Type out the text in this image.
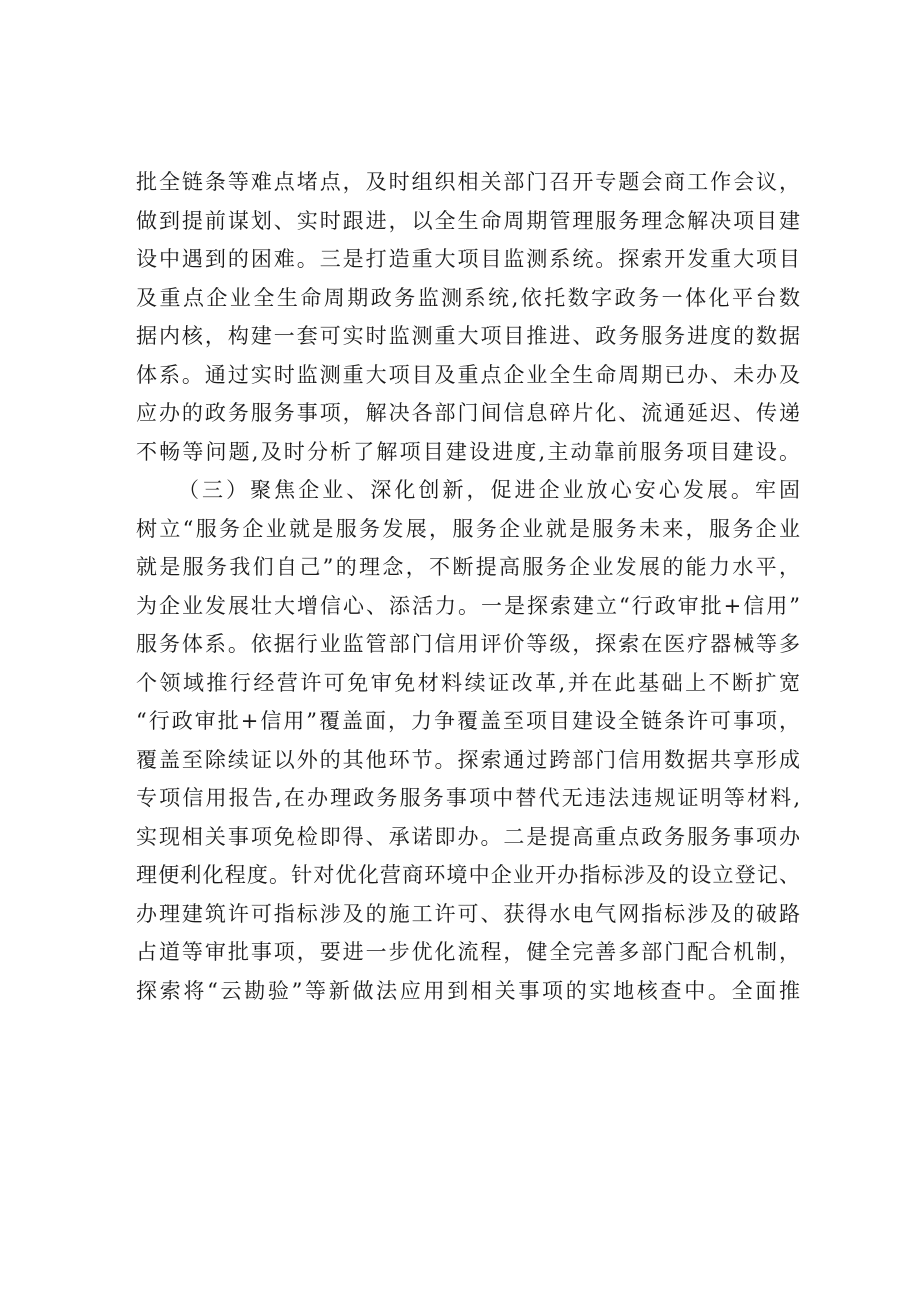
批全链条等难点堵点，及时组织相关部门召开专题会商工作会议，
做到提前谋划、实时跟进，以全生命周期管理服务理念解决项目建
设中遇到的困难。三是打造重大项目监测系统。探索开发重大项目
及重点企业全生命周期政务监测系统,依托数字政务一体化平台数
据内核，构建一套可实时监测重大项目推进、政务服务进度的数据
体系。通过实时监测重大项目及重点企业全生命周期已办、未办及
应办的政务服务事项，解决各部门间信息碎片化、流通延迟、传递
不畅等问题,及时分析了解项目建设进度,主动靠前服务项目建设。
（三）聚焦企业、深化创新，促进企业放心安心发展。牢固
树立“服务企业就是服务发展，服务企业就是服务未来，服务企业
就是服务我们自己”的理念，不断提高服务企业发展的能力水平，
为企业发展壮大增信心、添活力。一是探索建立“行政审批+信用”
服务体系。依据行业监管部门信用评价等级，探索在医疗器械等多
个领域推行经营许可免审免材料续证改革,并在此基础上不断扩宽
“行政审批+信用”覆盖面，力争覆盖至项目建设全链条许可事项，
覆盖至除续证以外的其他环节。探索通过跨部门信用数据共享形成
专项信用报告,在办理政务服务事项中替代无违法违规证明等材料,
实现相关事项免检即得、承诺即办。二是提高重点政务服务事项办
理便利化程度。针对优化营商环境中企业开办指标涉及的设立登记、
办理建筑许可指标涉及的施工许可、获得水电气网指标涉及的破路
占道等审批事项，要进一步优化流程，健全完善多部门配合机制，
探索将“云勘验”等新做法应用到相关事项的实地核查中。全面推
